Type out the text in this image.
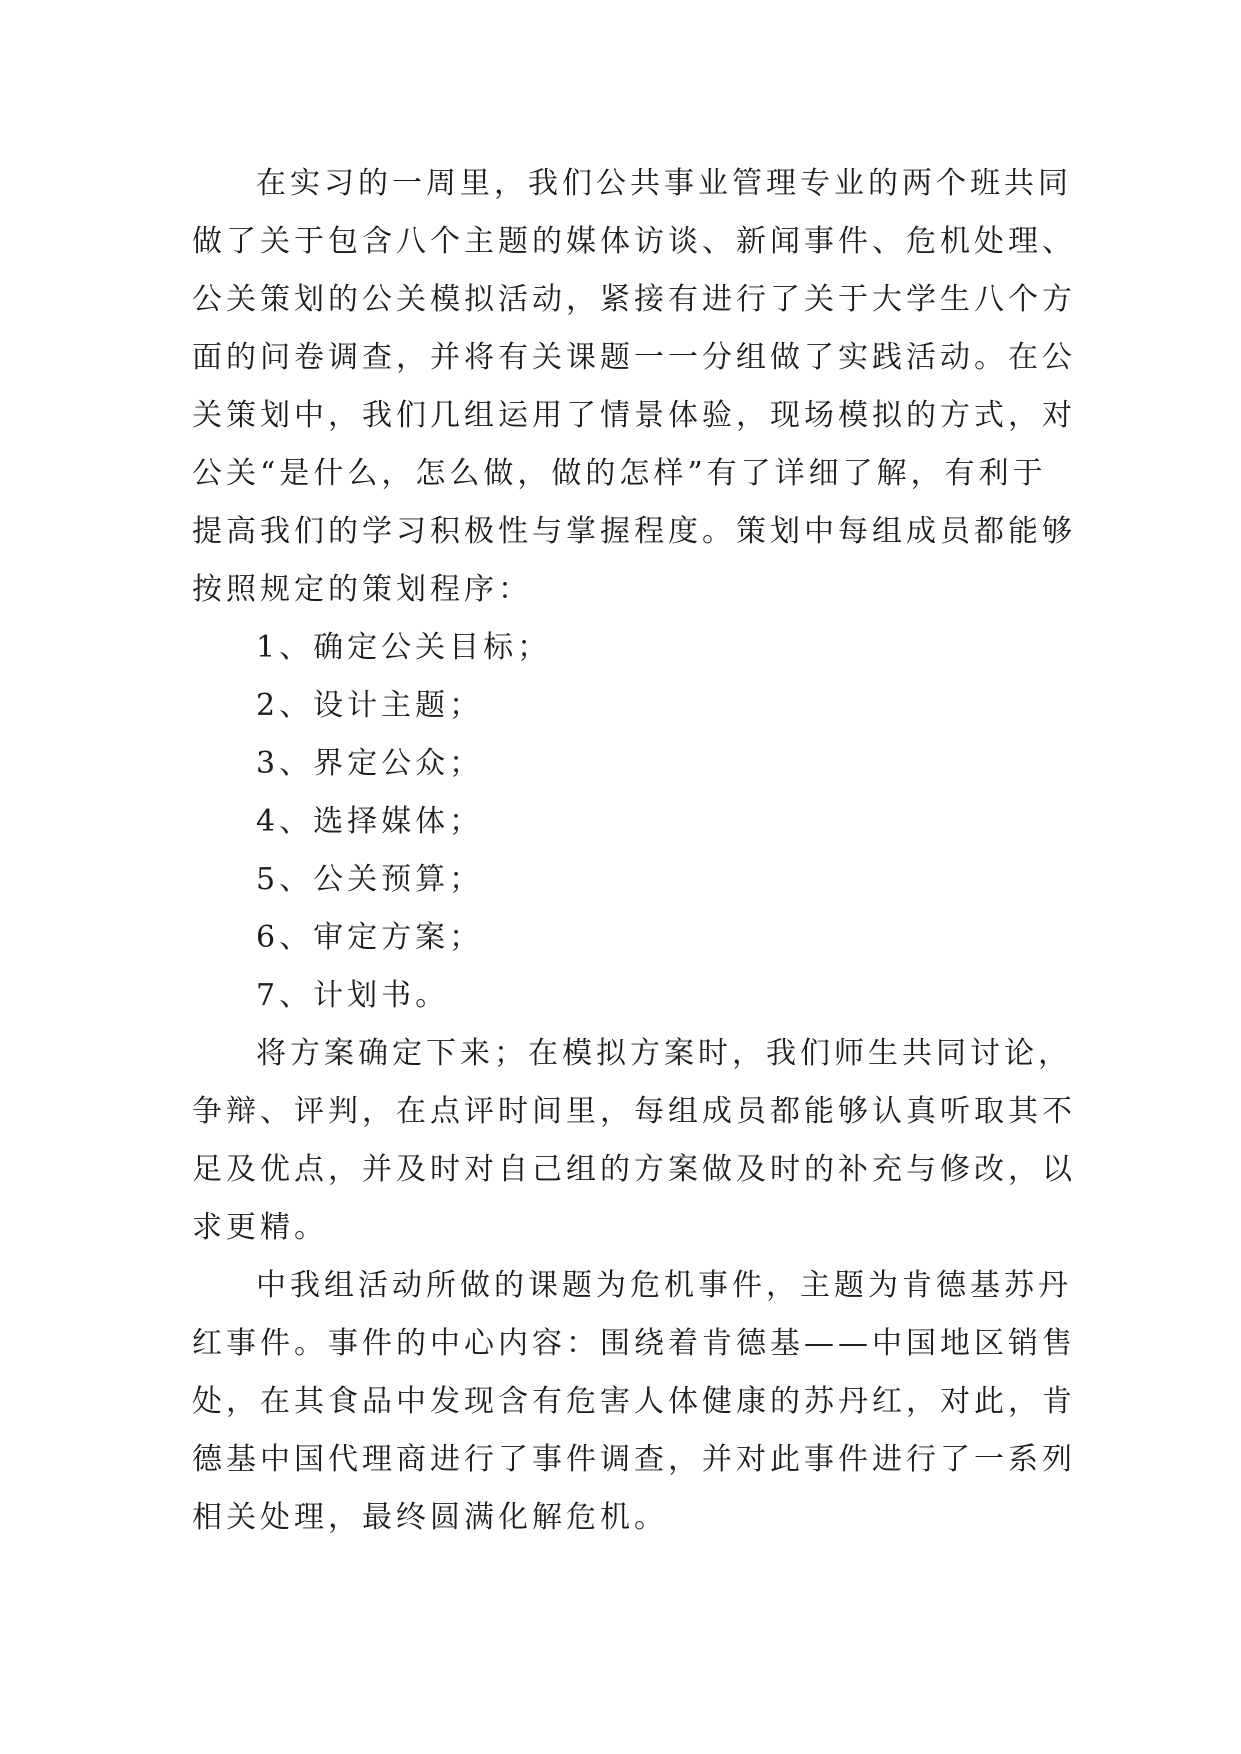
在实习的一周里，我们公共事业管理专业的两个班共同
做了关于包含八个主题的媒体访谈、新闻事件、危机处理、
公关策划的公关模拟活动，紧接有进行了关于大学生八个方
面的问卷调查，并将有关课题一一分组做了实践活动。在公
关策划中，我们几组运用了情景体验，现场模拟的方式，对
公关“是什么，怎么做，做的怎样”有了详细了解，有利于
提高我们的学习积极性与掌握程度。策划中每组成员都能够
按照规定的策划程序：
1、确定公关目标；
2、设计主题；
3、界定公众；
4、选择媒体；
5、公关预算；
6、审定方案；
7、计划书。
将方案确定下来；在模拟方案时，我们师生共同讨论，
争辩、评判，在点评时间里，每组成员都能够认真听取其不
足及优点，并及时对自己组的方案做及时的补充与修改，以
求更精。
中我组活动所做的课题为危机事件，主题为肯德基苏丹
红事件。事件的中心内容：围绕着肯德基——中国地区销售
处，在其食品中发现含有危害人体健康的苏丹红，对此，肯
德基中国代理商进行了事件调查，并对此事件进行了一系列
相关处理，最终圆满化解危机。
